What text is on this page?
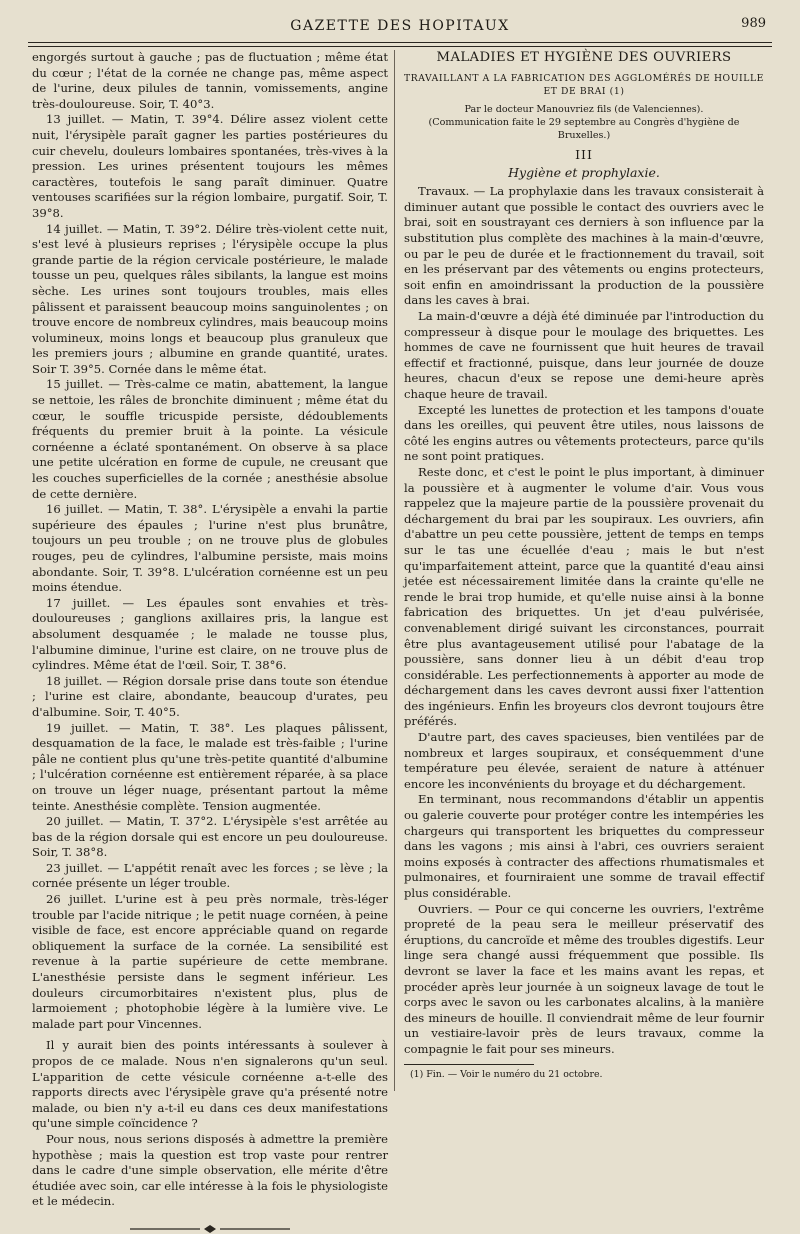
GAZETTE DES HOPITAUX	989

engorgés surtout à gauche ; pas de fluctuation ; même état du cœur ; l'état de la cornée ne change pas, même aspect de l'urine, deux pilules de tannin, vomissements, angine très-douloureuse. Soir, T. 40°3.

13 juillet. — Matin, T. 39°4. Délire assez violent cette nuit, l'érysipèle paraît gagner les parties postérieures du cuir chevelu, douleurs lombaires spontanées, très-vives à la pression. Les urines présentent toujours les mêmes caractères, toutefois le sang paraît diminuer. Quatre ventouses scarifiées sur la région lombaire, purgatif. Soir, T. 39°8.

14 juillet. — Matin, T. 39°2. Délire très-violent cette nuit, s'est levé à plusieurs reprises ; l'érysipèle occupe la plus grande partie de la région cervicale postérieure, le malade tousse un peu, quelques râles sibilants, la langue est moins sèche. Les urines sont toujours troubles, mais elles pâlissent et paraissent beaucoup moins sanguinolentes ; on trouve encore de nombreux cylindres, mais beaucoup moins volumineux, moins longs et beaucoup plus granuleux que les premiers jours ; albumine en grande quantité, urates. Soir T. 39°5. Cornée dans le même état.

15 juillet. — Très-calme ce matin, abattement, la langue se nettoie, les râles de bronchite diminuent ; même état du cœur, le souffle tricuspide persiste, dédoublements fréquents du premier bruit à la pointe. La vésicule cornéenne a éclaté spontanément. On observe à sa place une petite ulcération en forme de cupule, ne creusant que les couches superficielles de la cornée ; anesthésie absolue de cette dernière.

16 juillet. — Matin, T. 38°. L'érysipèle a envahi la partie supérieure des épaules ; l'urine n'est plus brunâtre, toujours un peu trouble ; on ne trouve plus de globules rouges, peu de cylindres, l'albumine persiste, mais moins abondante. Soir, T. 39°8. L'ulcération cornéenne est un peu moins étendue.

17 juillet. — Les épaules sont envahies et très-douloureuses ; ganglions axillaires pris, la langue est absolument desquamée ; le malade ne tousse plus, l'albumine diminue, l'urine est claire, on ne trouve plus de cylindres. Même état de l'œil. Soir, T. 38°6.

18 juillet. — Région dorsale prise dans toute son étendue ; l'urine est claire, abondante, beaucoup d'urates, peu d'albumine. Soir, T. 40°5.

19 juillet. — Matin, T. 38°. Les plaques pâlissent, desquamation de la face, le malade est très-faible ; l'urine pâle ne contient plus qu'une très-petite quantité d'albumine ; l'ulcération cornéenne est entièrement réparée, à sa place on trouve un léger nuage, présentant partout la même teinte. Anesthésie complète. Tension augmentée.

20 juillet. — Matin, T. 37°2. L'érysipèle s'est arrêtée au bas de la région dorsale qui est encore un peu douloureuse. Soir, T. 38°8.

23 juillet. — L'appétit renaît avec les forces ; se lève ; la cornée présente un léger trouble.

26 juillet. L'urine est à peu près normale, très-léger trouble par l'acide nitrique ; le petit nuage cornéen, à peine visible de face, est encore appréciable quand on regarde obliquement la surface de la cornée. La sensibilité est revenue à la partie supérieure de cette membrane. L'anesthésie persiste dans le segment inférieur. Les douleurs circumorbitaires n'existent plus, plus de larmoiement ; photophobie légère à la lumière vive. Le malade part pour Vincennes.

Il y aurait bien des points intéressants à soulever à propos de ce malade. Nous n'en signalerons qu'un seul. L'apparition de cette vésicule cornéenne a-t-elle des rapports directs avec l'érysipèle grave qu'a présenté notre malade, ou bien n'y a-t-il eu dans ces deux manifestations qu'une simple coïncidence ?

Pour nous, nous serions disposés à admettre la première hypothèse ; mais la question est trop vaste pour rentrer dans le cadre d'une simple observation, elle mérite d'être étudiée avec soin, car elle intéresse à la fois le physiologiste et le médecin.

MALADIES ET HYGIÈNE DES OUVRIERS
TRAVAILLANT A LA FABRICATION DES AGGLOMÉRÉS DE HOUILLE ET DE BRAI (1)
Par le docteur Manouvriez fils (de Valenciennes).
(Communication faite le 29 septembre au Congrès d'hygiène de Bruxelles.)
III
Hygiène et prophylaxie.

Travaux. — La prophylaxie dans les travaux consisterait à diminuer autant que possible le contact des ouvriers avec le brai, soit en soustrayant ces derniers à son influence par la substitution plus complète des machines à la main-d'œuvre, ou par le peu de durée et le fractionnement du travail, soit en les préservant par des vêtements ou engins protecteurs, soit enfin en amoindrissant la production de la poussière dans les caves à brai.

La main-d'œuvre a déjà été diminuée par l'introduction du compresseur à disque pour le moulage des briquettes. Les hommes de cave ne fournissent que huit heures de travail effectif et fractionné, puisque, dans leur journée de douze heures, chacun d'eux se repose une demi-heure après chaque heure de travail.

Excepté les lunettes de protection et les tampons d'ouate dans les oreilles, qui peuvent être utiles, nous laissons de côté les engins autres ou vêtements protecteurs, parce qu'ils ne sont point pratiques.

Reste donc, et c'est le point le plus important, à diminuer la poussière et à augmenter le volume d'air. Vous vous rappelez que la majeure partie de la poussière provenait du déchargement du brai par les soupiraux. Les ouvriers, afin d'abattre un peu cette poussière, jettent de temps en temps sur le tas une écuellée d'eau ; mais le but n'est qu'imparfaitement atteint, parce que la quantité d'eau ainsi jetée est nécessairement limitée dans la crainte qu'elle ne rende le brai trop humide, et qu'elle nuise ainsi à la bonne fabrication des briquettes. Un jet d'eau pulvérisée, convenablement dirigé suivant les circonstances, pourrait être plus avantageusement utilisé pour l'abatage de la poussière, sans donner lieu à un débit d'eau trop considérable. Les perfectionnements à apporter au mode de déchargement dans les caves devront aussi fixer l'attention des ingénieurs. Enfin les broyeurs clos devront toujours être préférés.

D'autre part, des caves spacieuses, bien ventilées par de nombreux et larges soupiraux, et conséquemment d'une température peu élevée, seraient de nature à atténuer encore les inconvénients du broyage et du déchargement.

En terminant, nous recommandons d'établir un appentis ou galerie couverte pour protéger contre les intempéries les chargeurs qui transportent les briquettes du compresseur dans les vagons ; mis ainsi à l'abri, ces ouvriers seraient moins exposés à contracter des affections rhumatismales et pulmonaires, et fourniraient une somme de travail effectif plus considérable.

Ouvriers. — Pour ce qui concerne les ouvriers, l'extrême propreté de la peau sera le meilleur préservatif des éruptions, du cancroïde et même des troubles digestifs. Leur linge sera changé aussi fréquemment que possible. Ils devront se laver la face et les mains avant les repas, et procéder après leur journée à un soigneux lavage de tout le corps avec le savon ou les carbonates alcalins, à la manière des mineurs de houille. Il conviendrait même de leur fournir un vestiaire-lavoir près de leurs travaux, comme la compagnie le fait pour ses mineurs.

(1) Fin. — Voir le numéro du 21 octobre.
